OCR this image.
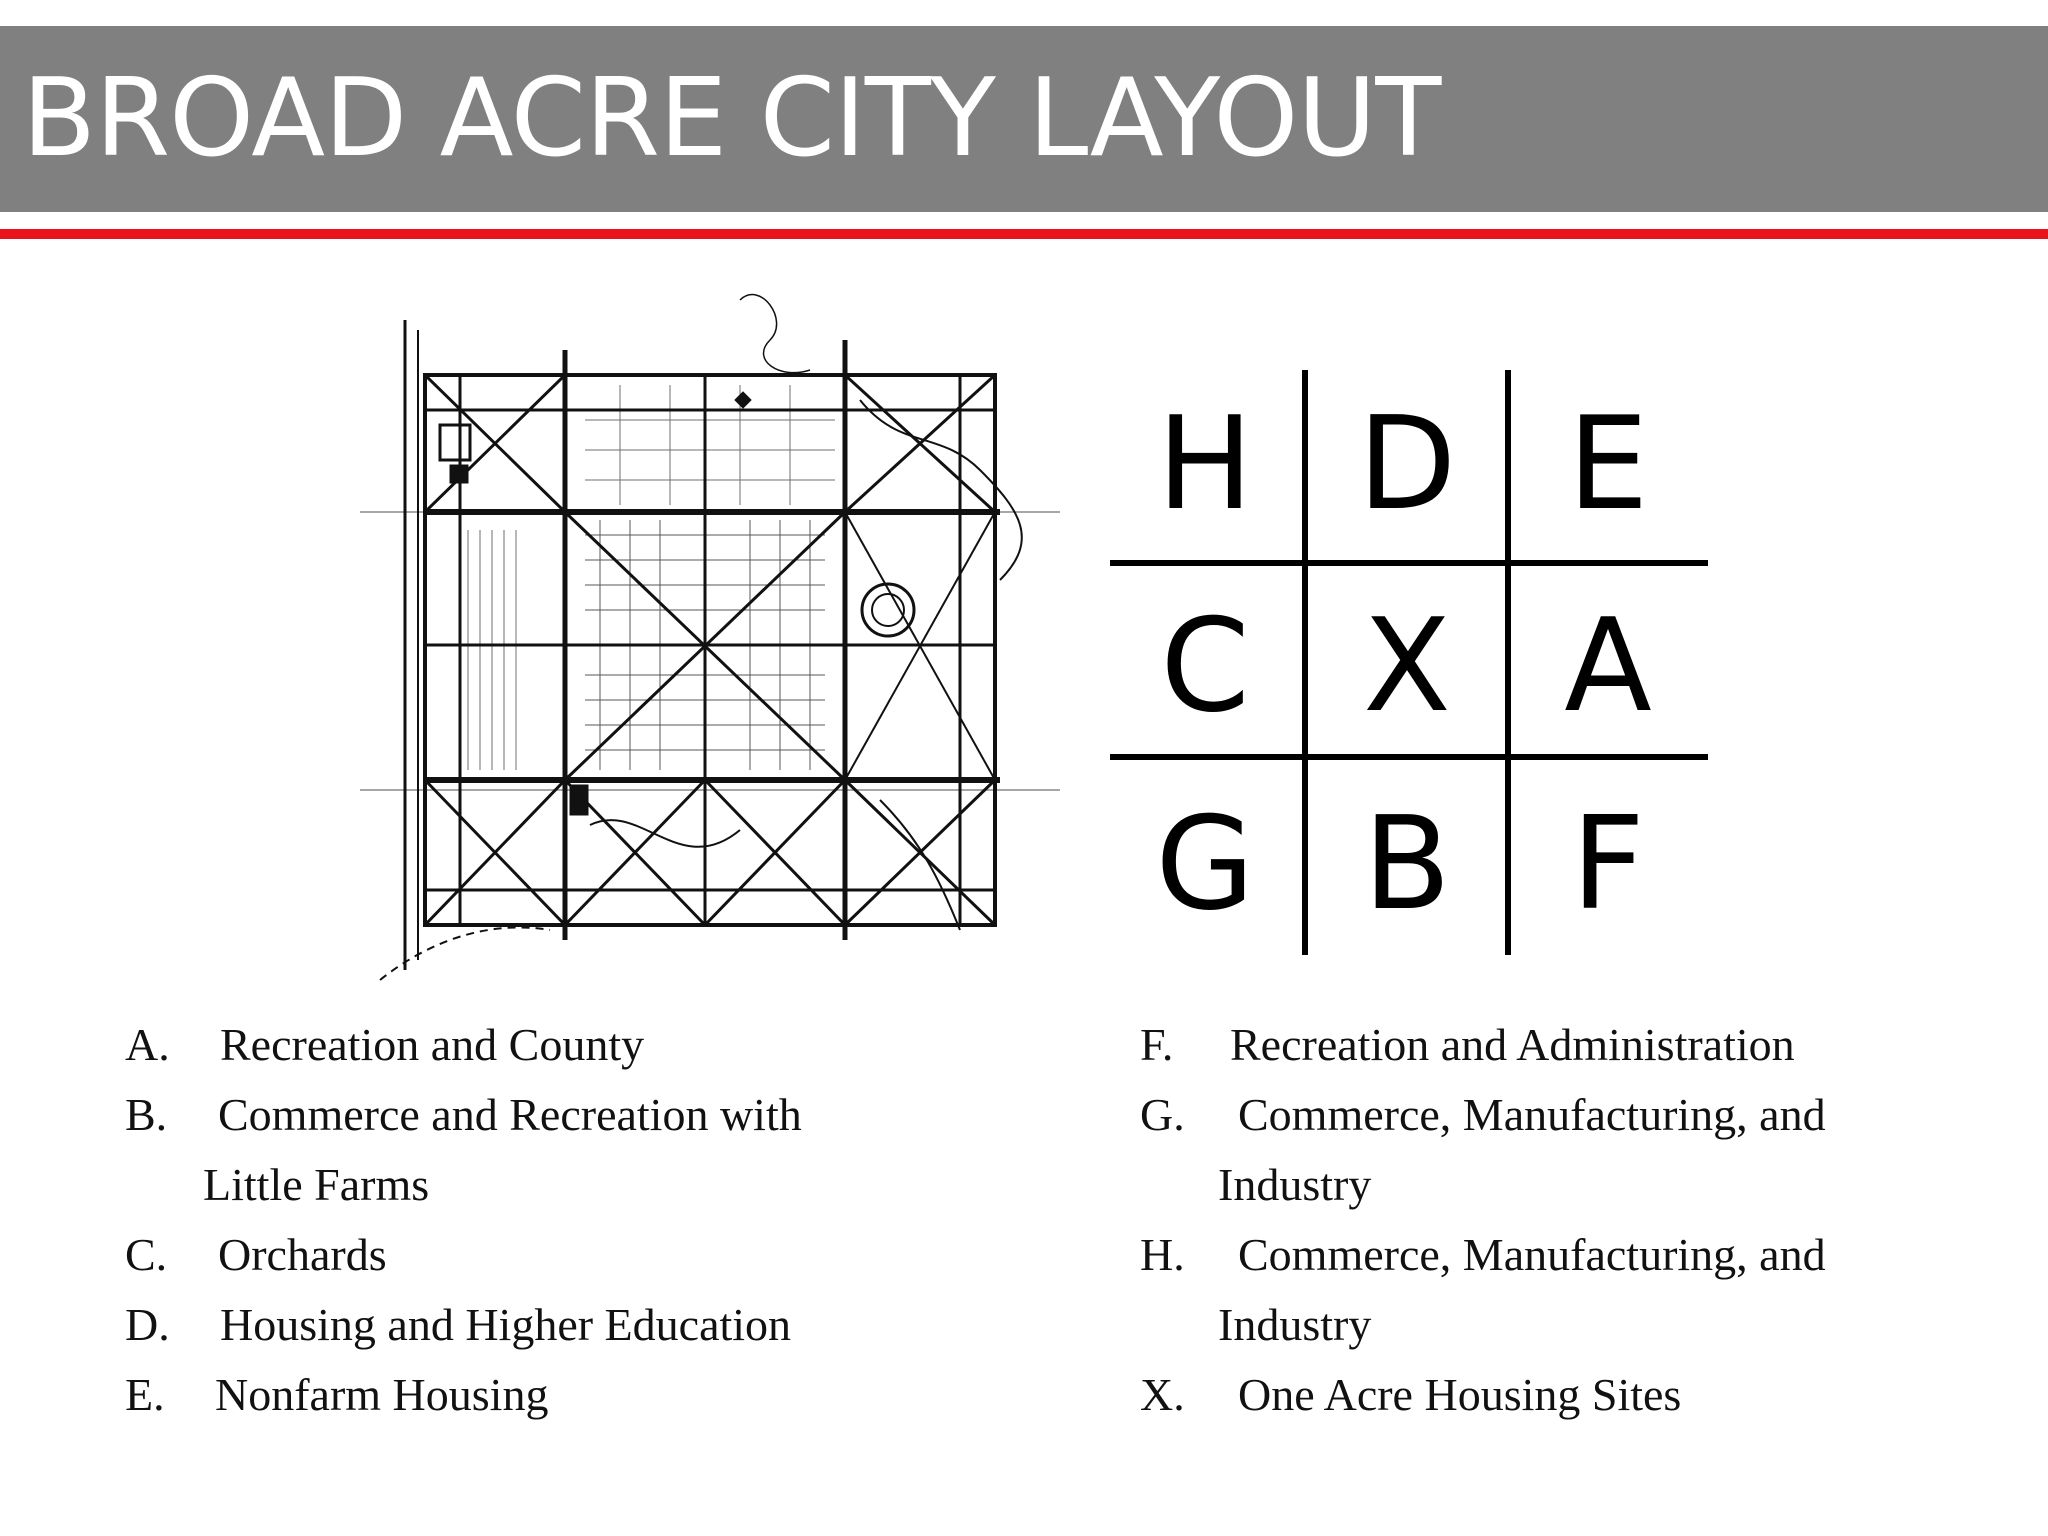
BROAD ACRE CITY LAYOUT
H D E
C X A
G B F
A. Recreation and County
B. Commerce and Recreation with
Little Farms
C. Orchards
D. Housing and Higher Education
E. Nonfarm Housing
F. Recreation and Administration
G. Commerce, Manufacturing, and
Industry
H. Commerce, Manufacturing, and
Industry
X. One Acre Housing Sites
